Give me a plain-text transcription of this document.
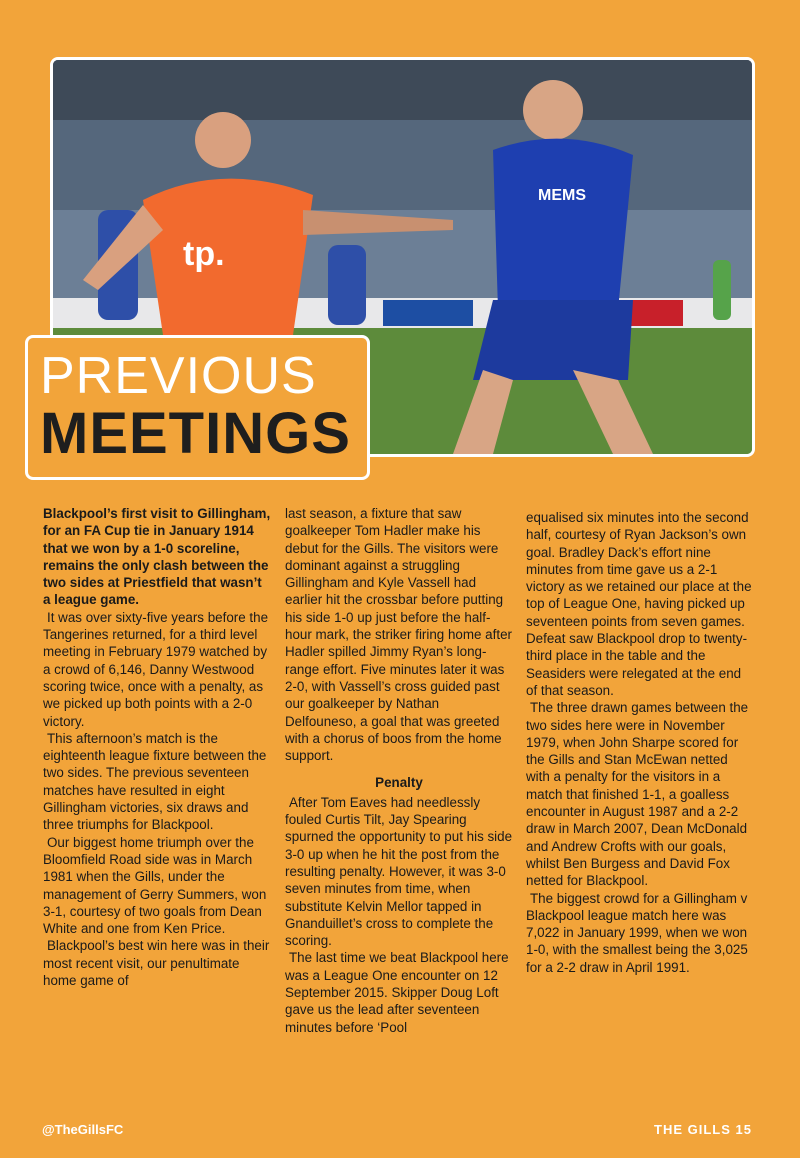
tp.
MEMS
PREVIOUS
MEETINGS

Blackpool’s first visit to Gillingham, for an FA Cup tie in January 1914 that we won by a 1-0 scoreline, remains the only clash between the two sides at Priestfield that wasn’t a league game.

It was over sixty-five years before the Tangerines returned, for a third level meeting in February 1979 watched by a crowd of 6,146, Danny Westwood scoring twice, once with a penalty, as we picked up both points with a 2-0 victory.

This afternoon’s match is the eighteenth league fixture between the two sides. The previous seventeen matches have resulted in eight Gillingham victories, six draws and three triumphs for Blackpool.

Our biggest home triumph over the Bloomfield Road side was in March 1981 when the Gills, under the management of Gerry Summers, won 3-1, courtesy of two goals from Dean White and one from Ken Price.

Blackpool’s best win here was in their most recent visit, our penultimate home game of

last season, a fixture that saw goalkeeper Tom Hadler make his debut for the Gills. The visitors were dominant against a struggling Gillingham and Kyle Vassell had earlier hit the crossbar before putting his side 1-0 up just before the half-hour mark, the striker firing home after Hadler spilled Jimmy Ryan’s long-range effort. Five minutes later it was 2-0, with Vassell’s cross guided past our goalkeeper by Nathan Delfouneso, a goal that was greeted with a chorus of boos from the home support.

Penalty

After Tom Eaves had needlessly fouled Curtis Tilt, Jay Spearing spurned the opportunity to put his side 3-0 up when he hit the post from the resulting penalty. However, it was 3-0 seven minutes from time, when substitute Kelvin Mellor tapped in Gnanduillet’s cross to complete the scoring.

The last time we beat Blackpool here was a League One encounter on 12 September 2015. Skipper Doug Loft gave us the lead after seventeen minutes before ‘Pool

equalised six minutes into the second half, courtesy of Ryan Jackson’s own goal. Bradley Dack’s effort nine minutes from time gave us a 2-1 victory as we retained our place at the top of League One, having picked up seventeen points from seven games. Defeat saw Blackpool drop to twenty-third place in the table and the Seasiders were relegated at the end of that season.

The three drawn games between the two sides here were in November 1979, when John Sharpe scored for the Gills and Stan McEwan netted with a penalty for the visitors in a match that finished 1-1, a goalless encounter in August 1987 and a 2-2 draw in March 2007, Dean McDonald and Andrew Crofts with our goals, whilst Ben Burgess and David Fox netted for Blackpool.

The biggest crowd for a Gillingham v Blackpool league match here was 7,022 in January 1999, when we won 1-0, with the smallest being the 3,025 for a 2-2 draw in April 1991.

@TheGillsFC	THE GILLS 15
